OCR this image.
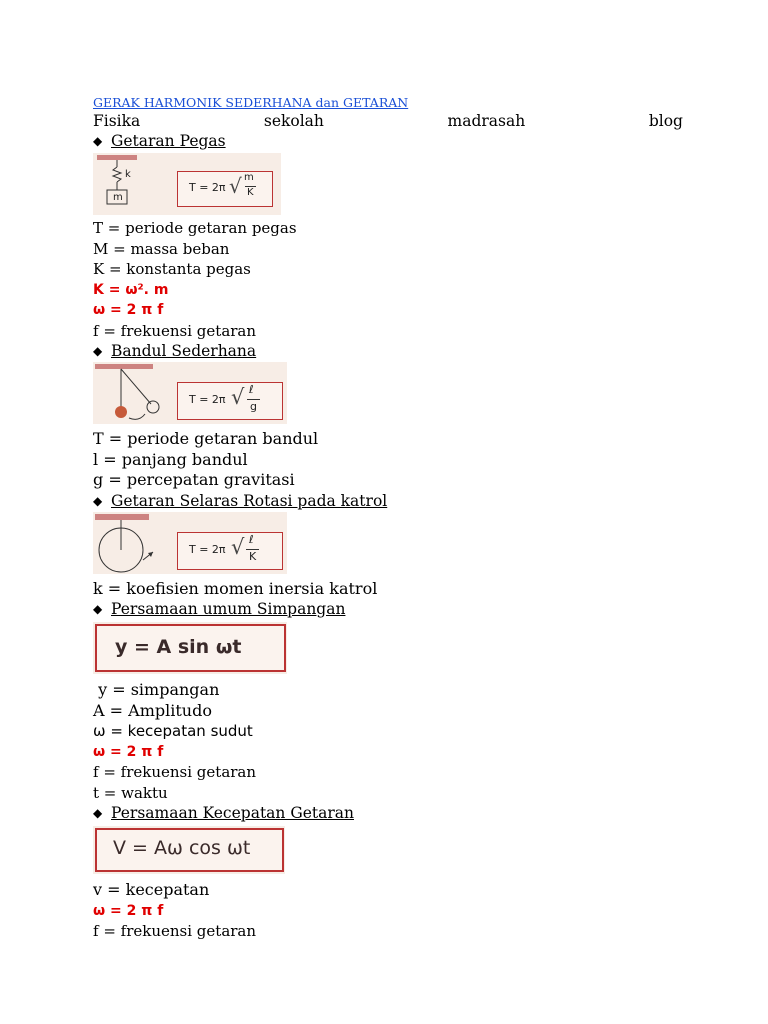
GERAK HARMONIK SEDERHANA dan GETARAN
Fisika	sekolah	madrasah	blog
◆ Getaran Pegas
k
m
T = 2π √ m
K
T = periode getaran pegas
M = massa beban
K = konstanta pegas
K = ω². m
ω = 2 π f
f = frekuensi getaran
◆ Bandul Sederhana
T = 2π √ ℓ
g
T = periode getaran bandul
l = panjang bandul
g = percepatan gravitasi
◆ Getaran Selaras Rotasi pada katrol
T = 2π √ ℓ
K
k = koefisien momen inersia katrol
◆ Persamaan umum Simpangan
y = A sin ωt
y = simpangan
A = Amplitudo
ω = kecepatan sudut
ω = 2 π f
f = frekuensi getaran
t = waktu
◆ Persamaan Kecepatan Getaran
V = Aω cos ωt
v = kecepatan
ω = 2 π f
f = frekuensi getaran
